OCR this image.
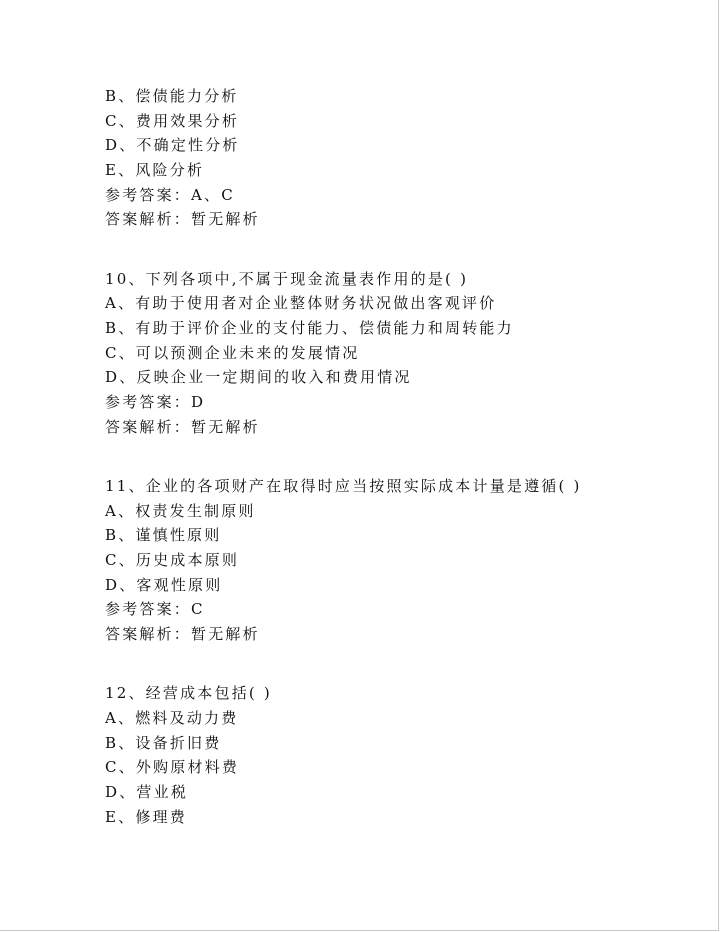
B、偿债能力分析
C、费用效果分析
D、不确定性分析
E、风险分析
参考答案：A、C
答案解析：暂无解析
10、下列各项中,不属于现金流量表作用的是( )
A、有助于使用者对企业整体财务状况做出客观评价
B、有助于评价企业的支付能力、偿债能力和周转能力
C、可以预测企业未来的发展情况
D、反映企业一定期间的收入和费用情况
参考答案：D
答案解析：暂无解析
11、企业的各项财产在取得时应当按照实际成本计量是遵循( )
A、权责发生制原则
B、谨慎性原则
C、历史成本原则
D、客观性原则
参考答案：C
答案解析：暂无解析
12、经营成本包括( )
A、燃料及动力费
B、设备折旧费
C、外购原材料费
D、营业税
E、修理费
